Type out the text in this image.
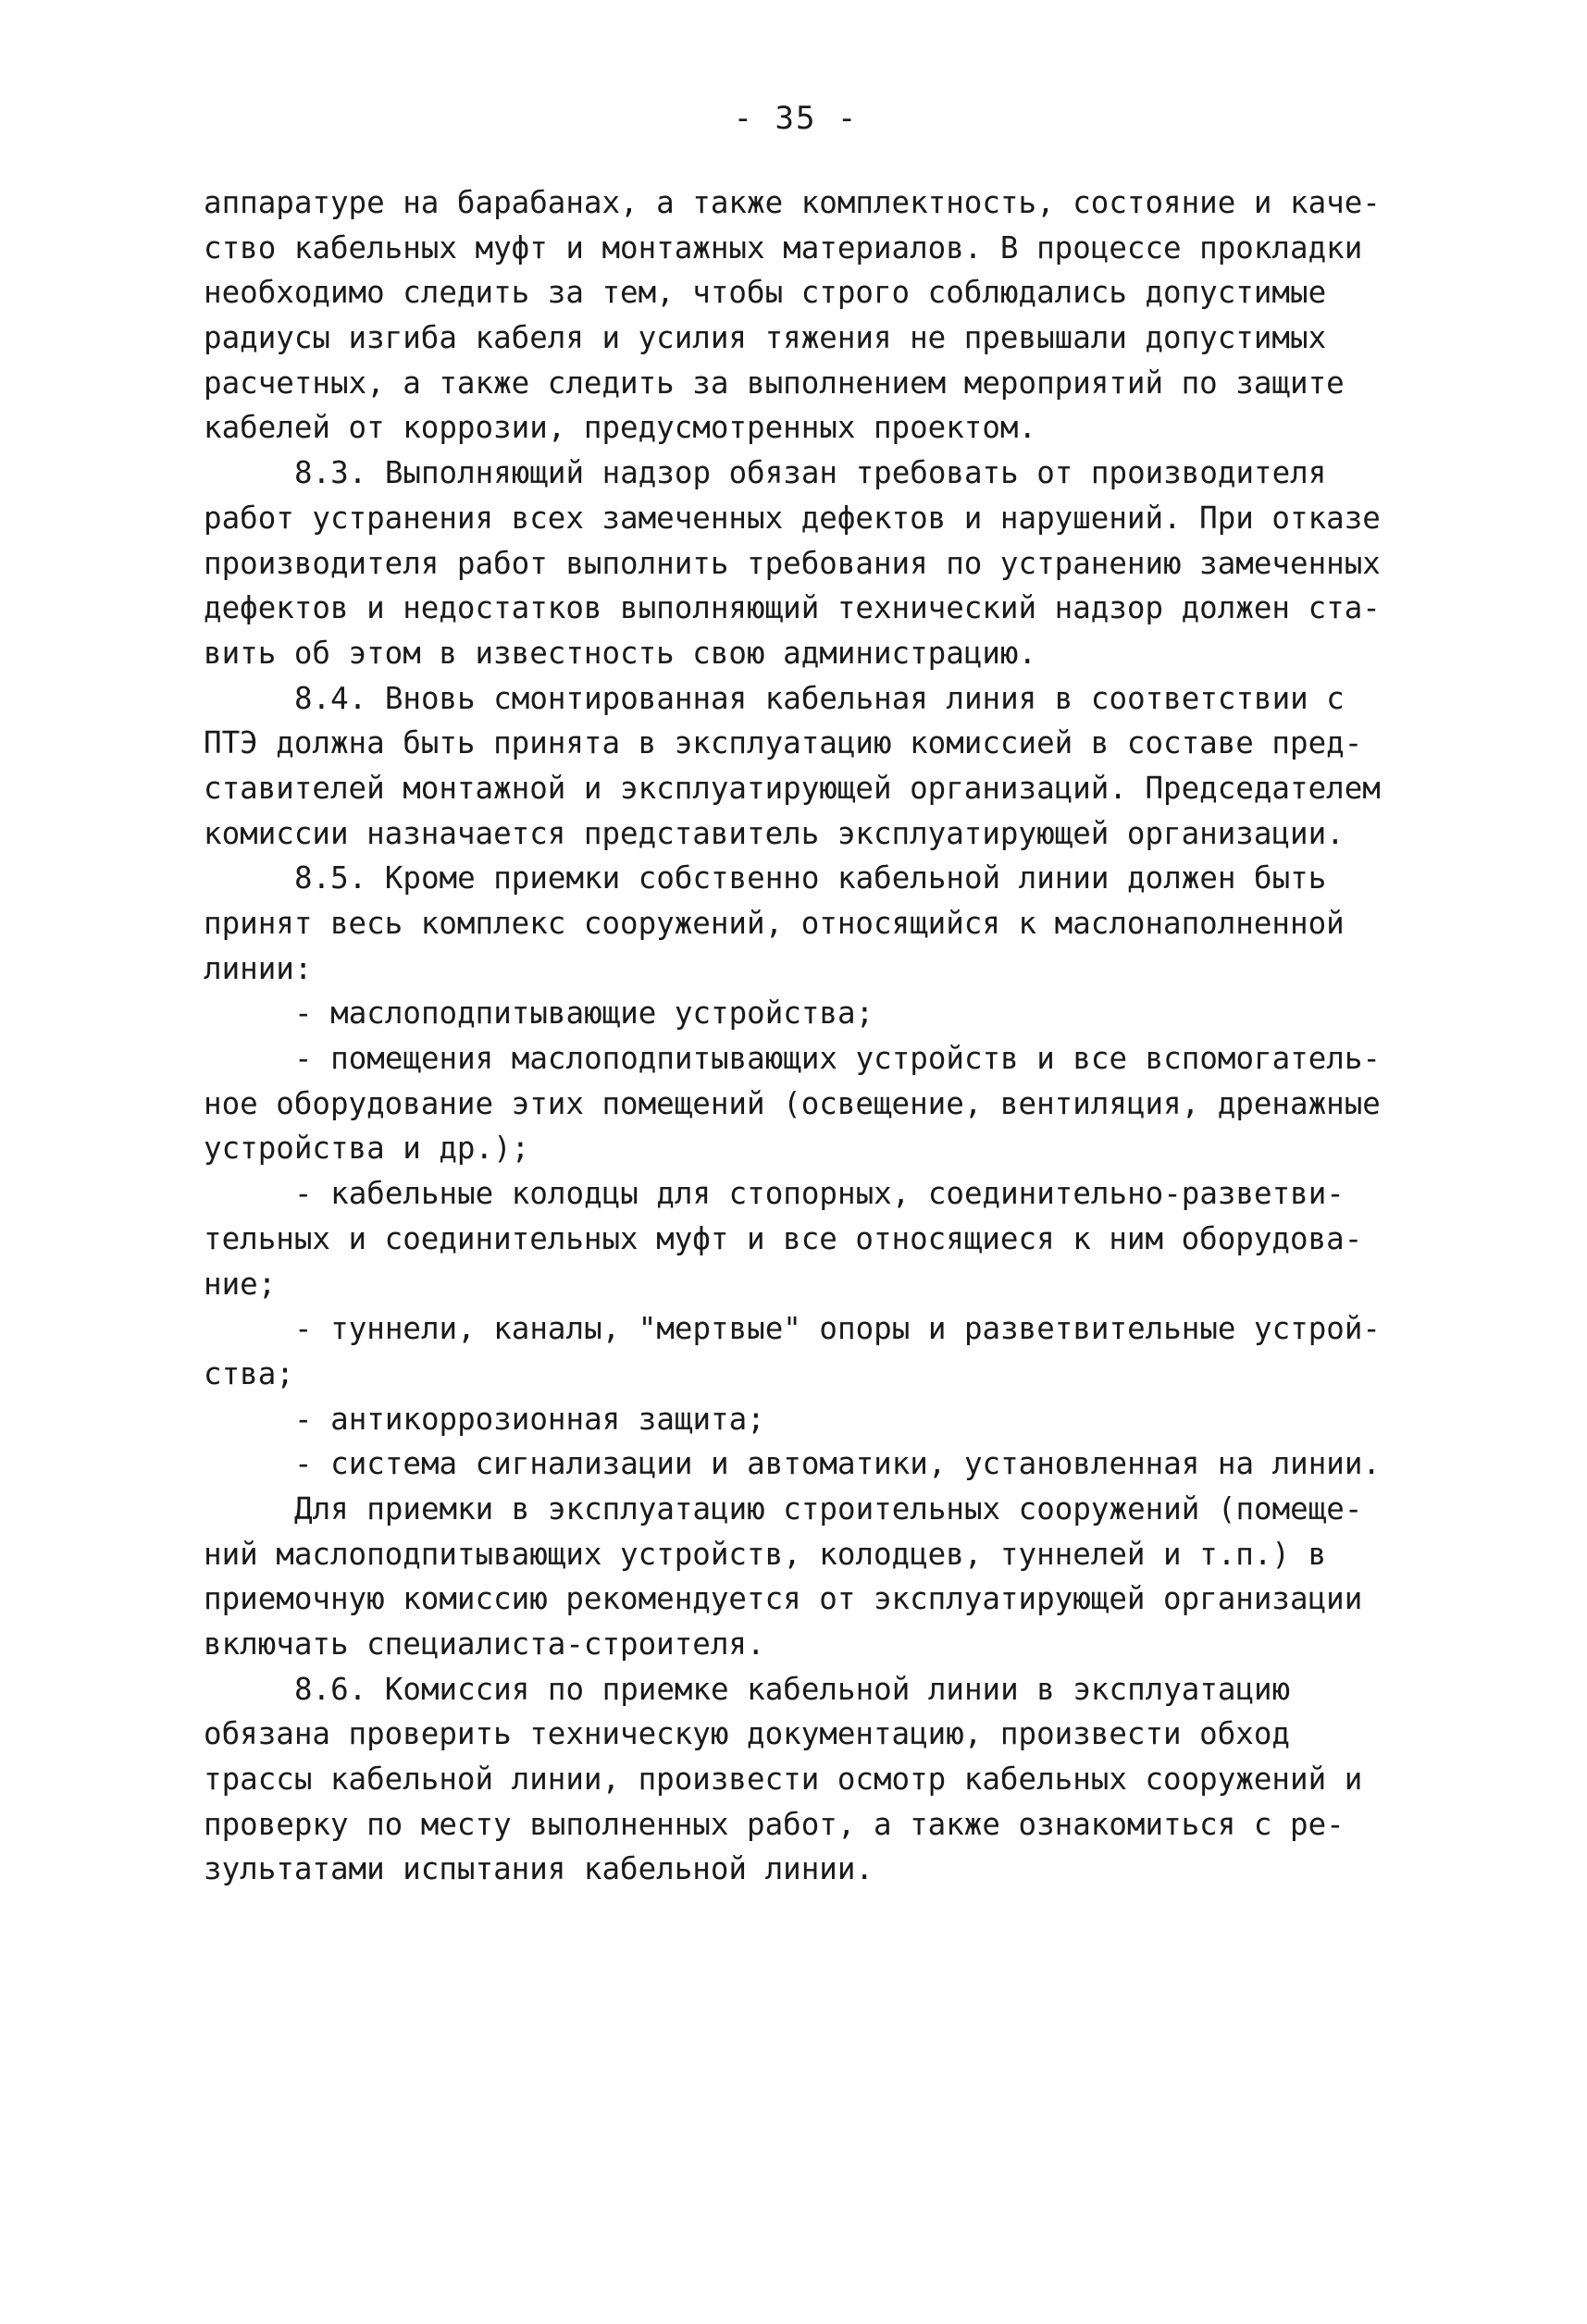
- 35 -
аппаратуре на барабанах, а также комплектность, состояние и каче-
ство кабельных муфт и монтажных материалов. В процессе прокладки
необходимо следить за тем, чтобы строго соблюдались допустимые
радиусы изгиба кабеля и усилия тяжения не превышали допустимых
расчетных, а также следить за выполнением мероприятий по защите
кабелей от коррозии, предусмотренных проектом.
8.3. Выполняющий надзор обязан требовать от производителя
работ устранения всех замеченных дефектов и нарушений. При отказе
производителя работ выполнить требования по устранению замеченных
дефектов и недостатков выполняющий технический надзор должен ста-
вить об этом в известность свою администрацию.
8.4. Вновь смонтированная кабельная линия в соответствии с
ПТЭ должна быть принята в эксплуатацию комиссией в составе пред-
ставителей монтажной и эксплуатирующей организаций. Председателем
комиссии назначается представитель эксплуатирующей организации.
8.5. Кроме приемки собственно кабельной линии должен быть
принят весь комплекс сооружений, относящийся к маслонаполненной
линии:
- маслоподпитывающие устройства;
- помещения маслоподпитывающих устройств и все вспомогатель-
ное оборудование этих помещений (освещение, вентиляция, дренажные
устройства и др.);
- кабельные колодцы для стопорных, соединительно-разветви-
тельных и соединительных муфт и все относящиеся к ним оборудова-
ние;
- туннели, каналы, "мертвые" опоры и разветвительные устрой-
ства;
- антикоррозионная защита;
- система сигнализации и автоматики, установленная на линии.
Для приемки в эксплуатацию строительных сооружений (помеще-
ний маслоподпитывающих устройств, колодцев, туннелей и т.п.) в
приемочную комиссию рекомендуется от эксплуатирующей организации
включать специалиста-строителя.
8.6. Комиссия по приемке кабельной линии в эксплуатацию
обязана проверить техническую документацию, произвести обход
трассы кабельной линии, произвести осмотр кабельных сооружений и
проверку по месту выполненных работ, а также ознакомиться с ре-
зультатами испытания кабельной линии.
